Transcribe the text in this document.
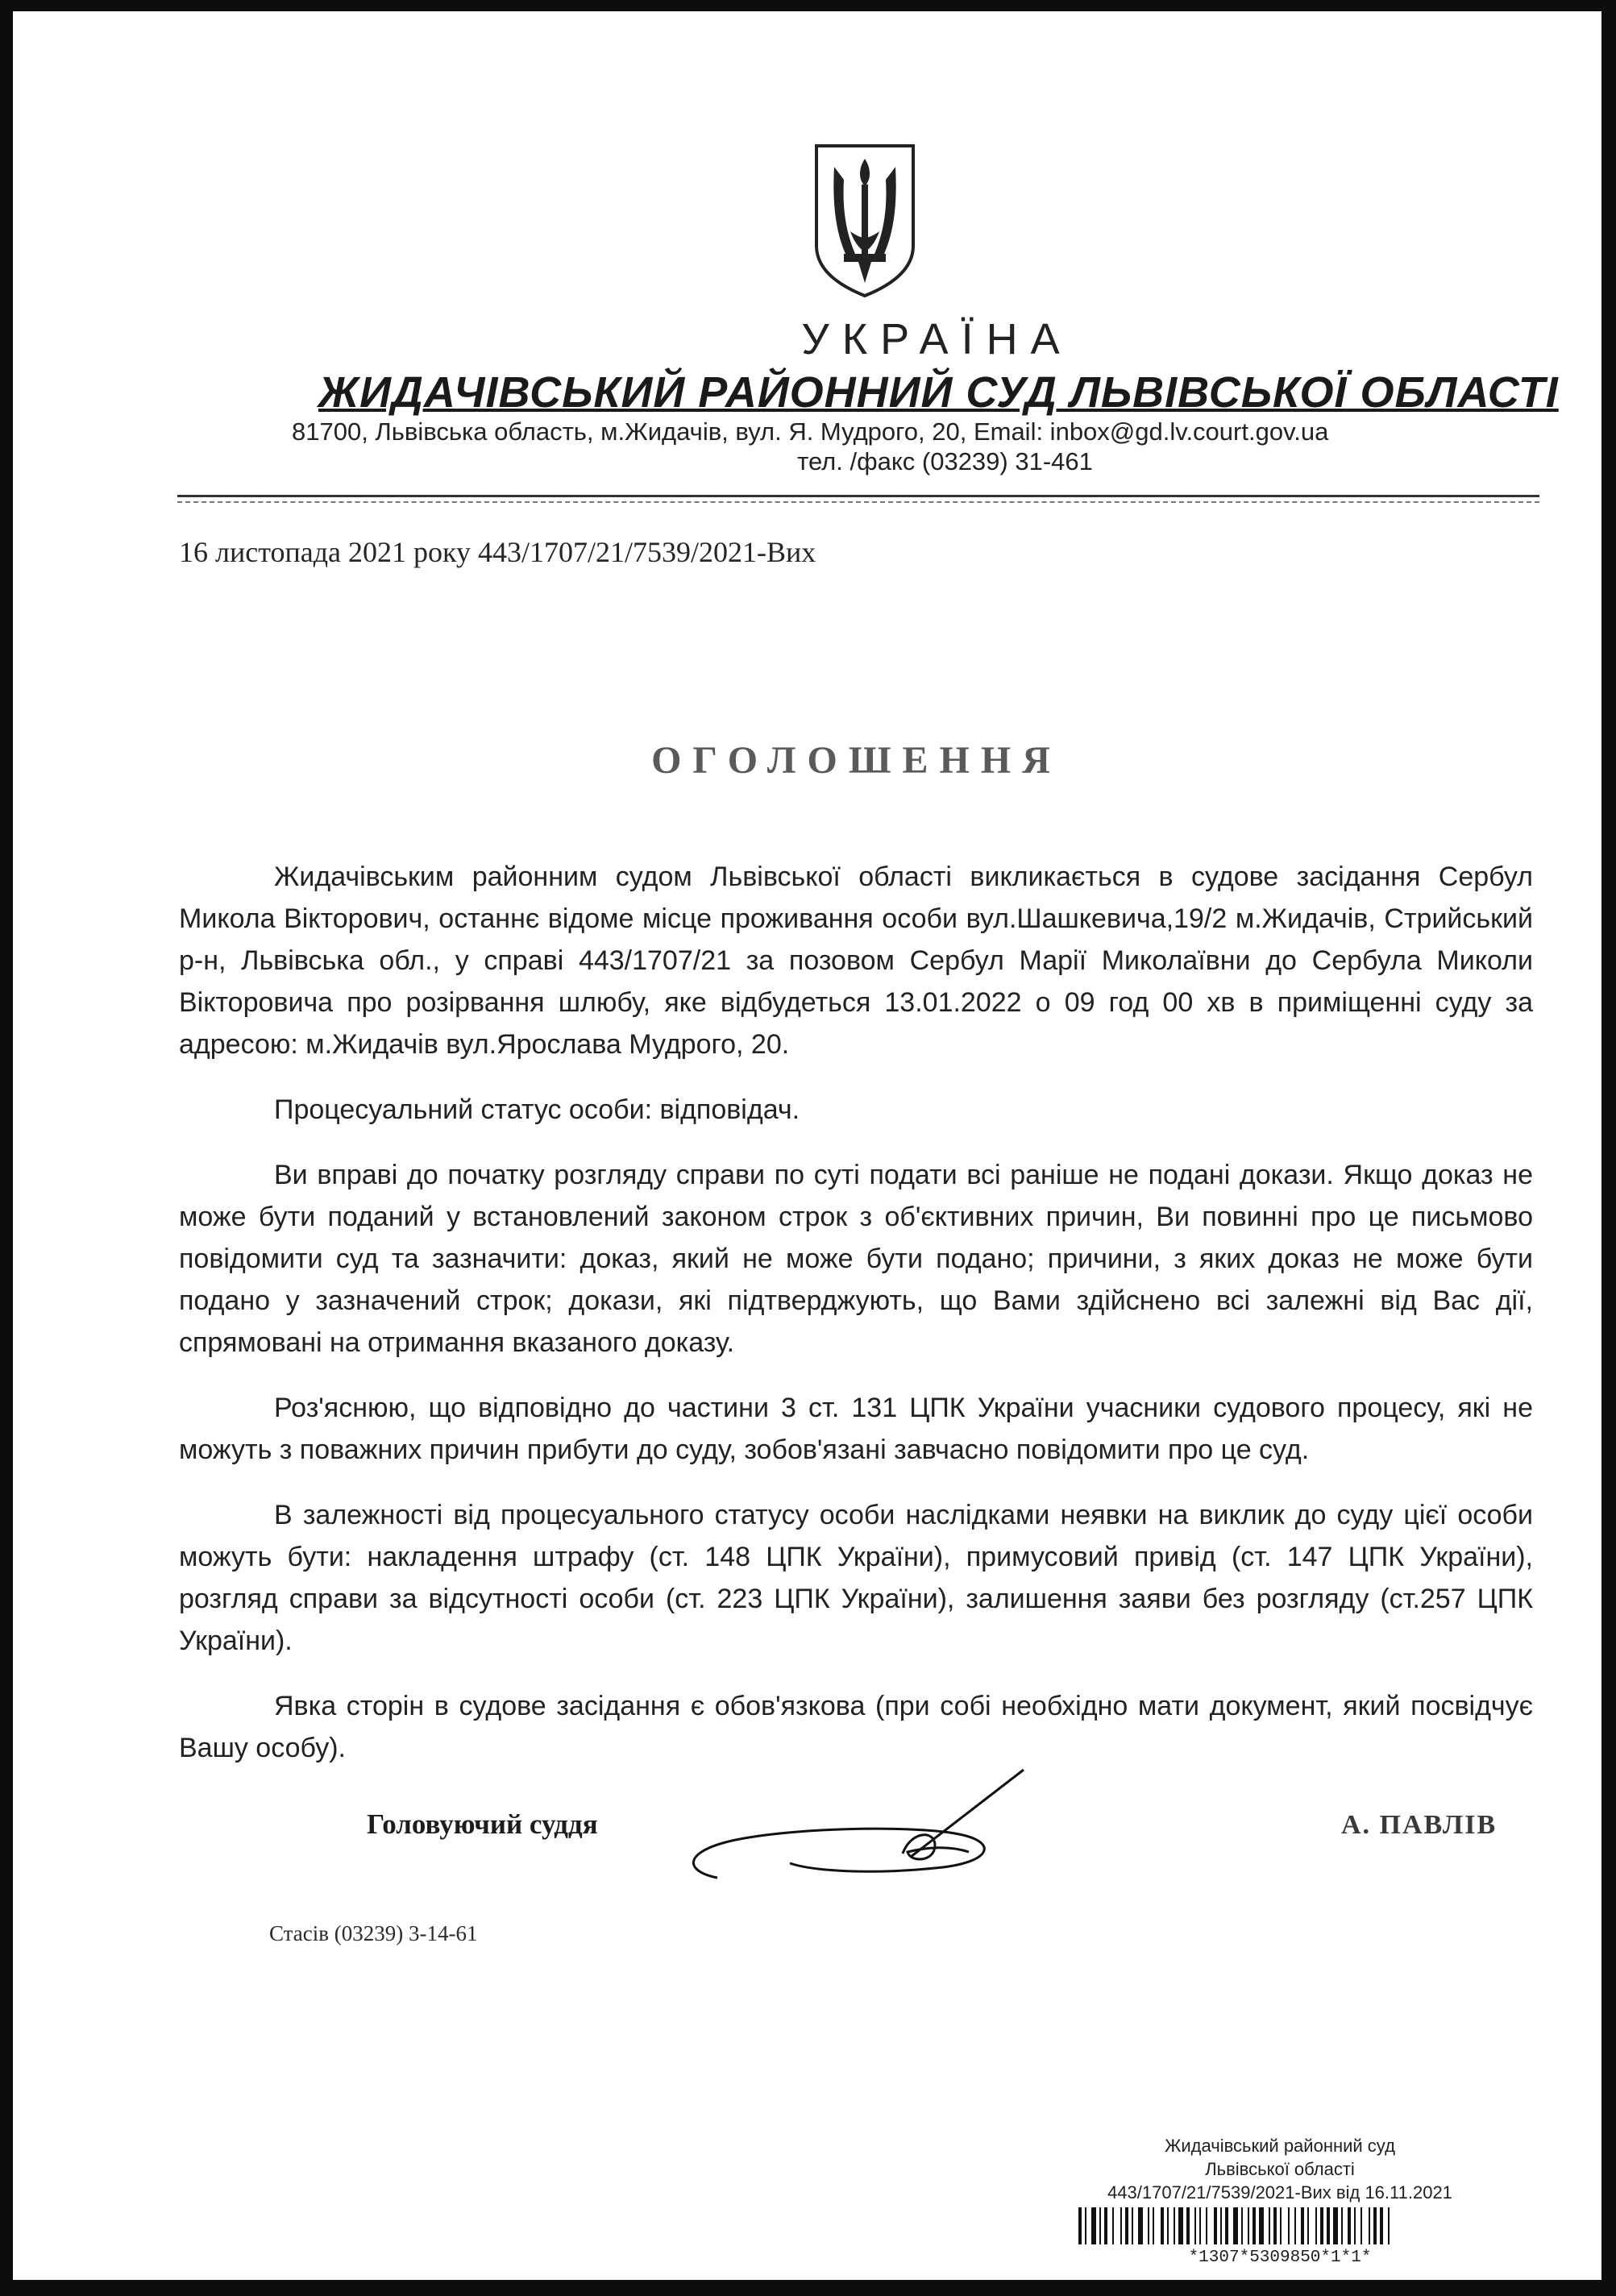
УКРАЇНА
ЖИДАЧІВСЬКИЙ РАЙОННИЙ СУД ЛЬВІВСЬКОЇ ОБЛАСТІ
81700, Львівська область, м.Жидачів, вул. Я. Мудрого, 20, Email: inbox@gd.lv.court.gov.ua
тел. /факс (03239) 31-461
16 листопада 2021 року 443/1707/21/7539/2021-Вих
ОГОЛОШЕННЯ

Жидачівським районним судом Львівської області викликається в судове засідання Сербул Микола Вікторович, останнє відоме місце проживання особи вул.Шашкевича,19/2 м.Жидачів, Стрийський р-н, Львівська обл., у справі 443/1707/21 за позовом Сербул Марії Миколаївни до Сербула Миколи Вікторовича про розірвання шлюбу, яке відбудеться 13.01.2022 о 09 год 00 хв в приміщенні суду за адресою: м.Жидачів вул.Ярослава Мудрого, 20.

Процесуальний статус особи: відповідач.

Ви вправі до початку розгляду справи по суті подати всі раніше не подані докази. Якщо доказ не може бути поданий у встановлений законом строк з об'єктивних причин, Ви повинні про це письмово повідомити суд та зазначити: доказ, який не може бути подано; причини, з яких доказ не може бути подано у зазначений строк; докази, які підтверджують, що Вами здійснено всі залежні від Вас дії, спрямовані на отримання вказаного доказу.

Роз'яснюю, що відповідно до частини 3 ст. 131 ЦПК України учасники судового процесу, які не можуть з поважних причин прибути до суду, зобов'язані завчасно повідомити про це суд.

В залежності від процесуального статусу особи наслідками неявки на виклик до суду цієї особи можуть бути: накладення штрафу (ст. 148 ЦПК України), примусовий привід (ст. 147 ЦПК України), розгляд справи за відсутності особи (ст. 223 ЦПК України), залишення заяви без розгляду (ст.257 ЦПК України).

Явка сторін в судове засідання є обов'язкова (при собі необхідно мати документ, який посвідчує Вашу особу).

Головуючий суддя	А. ПАВЛІВ
Стасів (03239) 3-14-61
Жидачівський районний суд
Львівської області
443/1707/21/7539/2021-Вих від 16.11.2021
*1307*5309850*1*1*
